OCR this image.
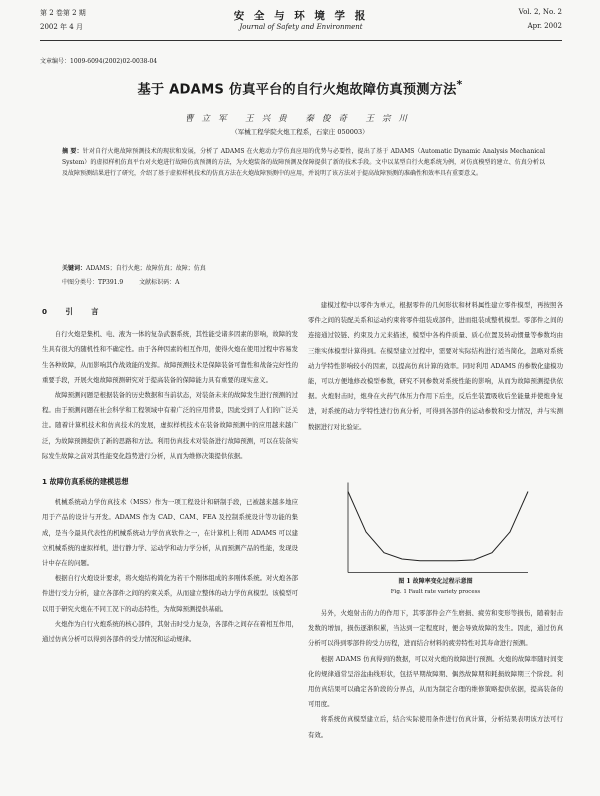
第 2 卷第 2 期
2002 年 4 月
安 全 与 环 境 学 报
Journal of Safety and Environment
Vol. 2, No. 2
Apr. 2002
文章编号：1009-6094(2002)02-0038-04
基于 ADAMS 仿真平台的自行火炮故障仿真预测方法*
曹立军 王兴贵 秦俊奇 王宗川
（军械工程学院火炮工程系，石家庄 050003）
摘 要：针对自行火炮故障预测技术的现状和发展，分析了 ADAMS 在火炮动力学仿真应用的优势与必要性，提出了基于 ADAMS（Automatic Dynamic Analysis Mechanical System）的虚拟样机仿真平台对火炮进行故障仿真预测的方法，为火炮装备的故障预测及保障提供了新的技术手段。文中以某型自行火炮系统为例，对仿真模型的建立、仿真分析以及故障预测结果进行了研究，介绍了基于虚拟样机技术的仿真方法在火炮故障预测中的应用，并说明了该方法对于提高故障预测的准确性和效率具有重要意义。
关键词：ADAMS；自行火炮；故障仿真；故障；仿真
中图分类号：TP391.9	文献标识码：A
0 引 言

自行火炮是集机、电、液为一体的复杂武器系统，其性能受诸多因素的影响，故障的发生具有很大的随机性和不确定性。由于各种因素的相互作用，使得火炮在使用过程中容易发生各种故障，从而影响其作战效能的发挥。故障预测技术是保障装备可靠性和战备完好性的重要手段，开展火炮故障预测研究对于提高装备的保障能力具有重要的现实意义。

故障预测问题是根据装备的历史数据和当前状态，对装备未来的故障发生进行预测的过程。由于预测问题在社会科学和工程领域中有着广泛的应用背景，因此受到了人们的广泛关注。随着计算机技术和仿真技术的发展，虚拟样机技术在装备故障预测中的应用越来越广泛，为故障预测提供了新的思路和方法。利用仿真技术对装备进行故障预测，可以在装备实际发生故障之前对其性能变化趋势进行分析，从而为维修决策提供依据。

1 故障仿真系统的建模思想

机械系统动力学仿真技术（MSS）作为一项工程设计和研制手段，已被越来越多地应用于产品的设计与开发。ADAMS 作为 CAD、CAM、FEA 及控制系统设计等功能的集成，是当今最具代表性的机械系统动力学仿真软件之一，在计算机上利用 ADAMS 可以建立机械系统的虚拟样机，进行静力学、运动学和动力学分析，从而预测产品的性能，发现设计中存在的问题。

根据自行火炮设计要求，将火炮结构简化为若干个刚体组成的多刚体系统。对火炮各部件进行受力分析，建立各部件之间的约束关系，从而建立整体的动力学仿真模型。该模型可以用于研究火炮在不同工况下的动态特性，为故障预测提供基础。

火炮作为自行火炮系统的核心部件，其射击时受力复杂，各部件之间存在着相互作用，通过仿真分析可以得到各部件的受力情况和运动规律。

建模过程中以零件为单元，根据零件的几何形状和材料属性建立零件模型，再按照各零件之间的装配关系和运动约束将零件组装成部件，进而组装成整机模型。零部件之间的连接通过铰链、约束及力元来描述，模型中各构件质量、质心位置及转动惯量等参数均由三维实体模型计算得到。在模型建立过程中，需要对实际结构进行适当简化，忽略对系统动力学特性影响较小的因素，以提高仿真计算的效率。同时利用 ADAMS 的参数化建模功能，可以方便地修改模型参数，研究不同参数对系统性能的影响，从而为故障预测提供依据。火炮射击时，炮身在火药气体压力作用下后坐，反后坐装置吸收后坐能量并使炮身复进，对系统的动力学特性进行仿真分析，可得到各部件的运动参数和受力情况，并与实测数据进行对比验证。

图 1 故障率变化过程示意图
Fig. 1 Fault rate variety process

另外，火炮射击的力的作用下，其零部件会产生磨损、疲劳和变形等损伤，随着射击发数的增加，损伤逐渐积累，当达到一定程度时，便会导致故障的发生。因此，通过仿真分析可以得到零部件的受力历程，进而结合材料的疲劳特性对其寿命进行预测。

根据 ADAMS 仿真得到的数据，可以对火炮的故障进行预测。火炮的故障率随时间变化的规律通常呈浴盆曲线形状，包括早期故障期、偶然故障期和耗损故障期三个阶段。利用仿真结果可以确定各阶段的分界点，从而为制定合理的维修策略提供依据，提高装备的可用度。

将系统仿真模型建立后，结合实际使用条件进行仿真计算，分析结果表明该方法可行有效。
